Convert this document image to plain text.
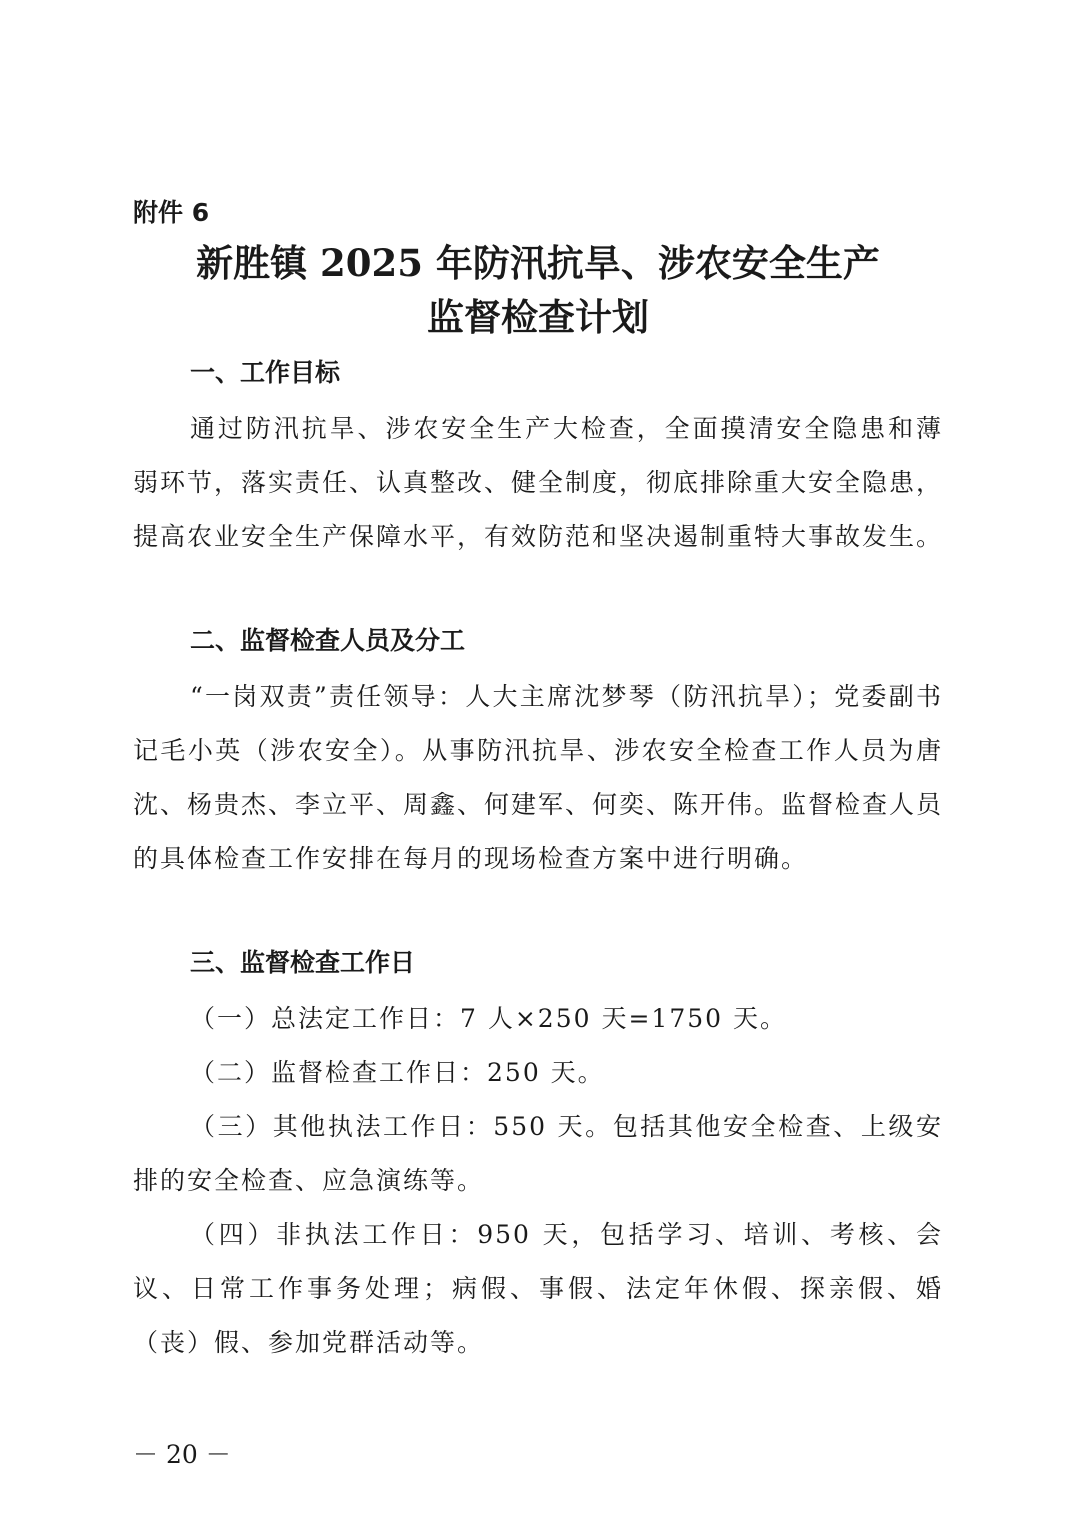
附件 6
新胜镇 2025 年防汛抗旱、涉农安全生产
监督检查计划
一、工作目标
通过防汛抗旱、涉农安全生产大检查，全面摸清安全隐患和薄弱环节，落实责任、认真整改、健全制度，彻底排除重大安全隐患，提高农业安全生产保障水平，有效防范和坚决遏制重特大事故发生。
二、监督检查人员及分工
“一岗双责”责任领导：人大主席沈梦琴（防汛抗旱）；党委副书记毛小英（涉农安全）。从事防汛抗旱、涉农安全检查工作人员为唐沈、杨贵杰、李立平、周鑫、何建军、何奕、陈开伟。监督检查人员的具体检查工作安排在每月的现场检查方案中进行明确。
三、监督检查工作日
（一）总法定工作日：7 人×250 天=1750 天。
（二）监督检查工作日：250 天。
（三）其他执法工作日：550 天。包括其他安全检查、上级安排的安全检查、应急演练等。
（四）非执法工作日：950 天，包括学习、培训、考核、会议、日常工作事务处理；病假、事假、法定年休假、探亲假、婚（丧）假、参加党群活动等。
－ 20 －
